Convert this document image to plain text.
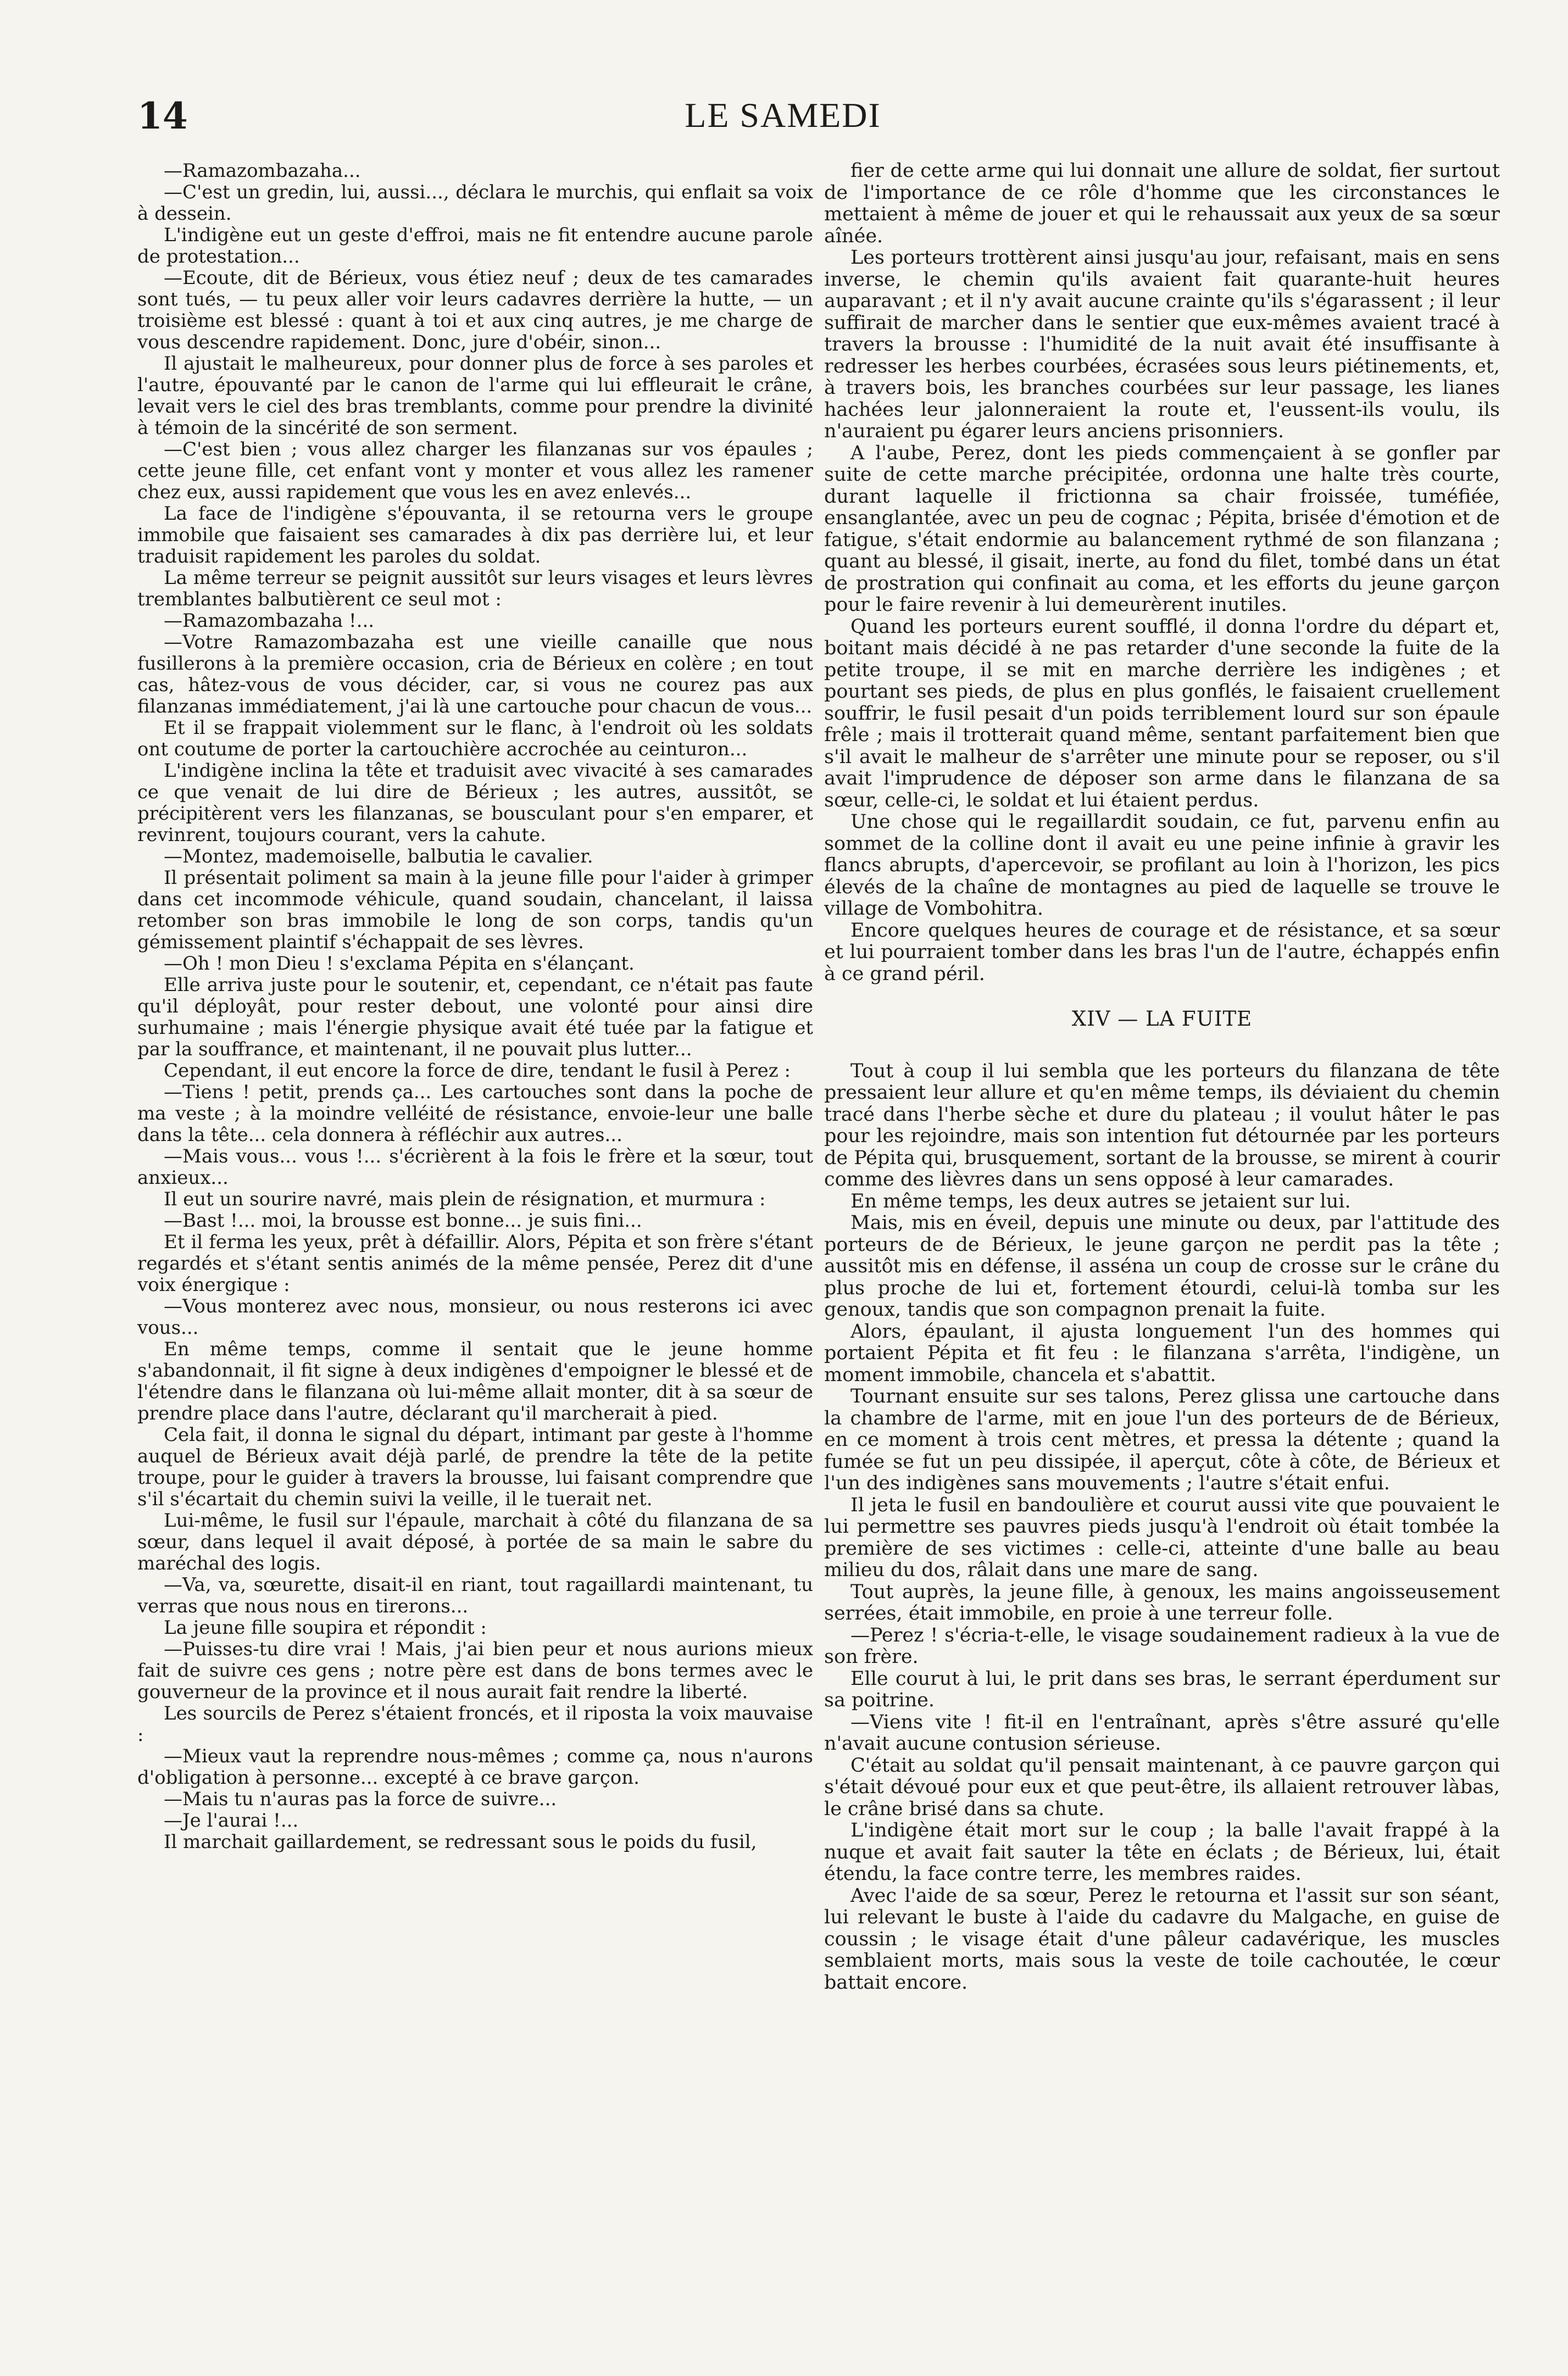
14	LE SAMEDI

—Ramazombazaha...

—C'est un gredin, lui, aussi..., déclara le murchis, qui enflait sa voix à dessein.

L'indigène eut un geste d'effroi, mais ne fit entendre aucune parole de protestation...

—Ecoute, dit de Bérieux, vous étiez neuf ; deux de tes camarades sont tués, — tu peux aller voir leurs cadavres derrière la hutte, — un troisième est blessé : quant à toi et aux cinq autres, je me charge de vous descendre rapidement. Donc, jure d'obéir, sinon...

Il ajustait le malheureux, pour donner plus de force à ses paroles et l'autre, épouvanté par le canon de l'arme qui lui effleurait le crâne, levait vers le ciel des bras tremblants, comme pour prendre la divinité à témoin de la sincérité de son serment.

—C'est bien ; vous allez charger les filanzanas sur vos épaules ; cette jeune fille, cet enfant vont y monter et vous allez les ramener chez eux, aussi rapidement que vous les en avez enlevés...

La face de l'indigène s'épouvanta, il se retourna vers le groupe immobile que faisaient ses camarades à dix pas derrière lui, et leur traduisit rapidement les paroles du soldat.

La même terreur se peignit aussitôt sur leurs visages et leurs lèvres tremblantes balbutièrent ce seul mot :

—Ramazombazaha !...

—Votre Ramazombazaha est une vieille canaille que nous fusillerons à la première occasion, cria de Bérieux en colère ; en tout cas, hâtez-vous de vous décider, car, si vous ne courez pas aux filanzanas immédiatement, j'ai là une cartouche pour chacun de vous...

Et il se frappait violemment sur le flanc, à l'endroit où les soldats ont coutume de porter la cartouchière accrochée au ceinturon...

L'indigène inclina la tête et traduisit avec vivacité à ses camarades ce que venait de lui dire de Bérieux ; les autres, aussitôt, se précipitèrent vers les filanzanas, se bousculant pour s'en emparer, et revinrent, toujours courant, vers la cahute.

—Montez, mademoiselle, balbutia le cavalier.

Il présentait poliment sa main à la jeune fille pour l'aider à grimper dans cet incommode véhicule, quand soudain, chancelant, il laissa retomber son bras immobile le long de son corps, tandis qu'un gémissement plaintif s'échappait de ses lèvres.

—Oh ! mon Dieu ! s'exclama Pépita en s'élançant.

Elle arriva juste pour le soutenir, et, cependant, ce n'était pas faute qu'il déployât, pour rester debout, une volonté pour ainsi dire surhumaine ; mais l'énergie physique avait été tuée par la fatigue et par la souffrance, et maintenant, il ne pouvait plus lutter...

Cependant, il eut encore la force de dire, tendant le fusil à Perez :

—Tiens ! petit, prends ça... Les cartouches sont dans la poche de ma veste ; à la moindre velléité de résistance, envoie-leur une balle dans la tête... cela donnera à réfléchir aux autres...

—Mais vous... vous !... s'écrièrent à la fois le frère et la sœur, tout anxieux...

Il eut un sourire navré, mais plein de résignation, et murmura :

—Bast !... moi, la brousse est bonne... je suis fini...

Et il ferma les yeux, prêt à défaillir. Alors, Pépita et son frère s'étant regardés et s'étant sentis animés de la même pensée, Perez dit d'une voix énergique :

—Vous monterez avec nous, monsieur, ou nous resterons ici avec vous...

En même temps, comme il sentait que le jeune homme s'abandonnait, il fit signe à deux indigènes d'empoigner le blessé et de l'étendre dans le filanzana où lui-même allait monter, dit à sa sœur de prendre place dans l'autre, déclarant qu'il marcherait à pied.

Cela fait, il donna le signal du départ, intimant par geste à l'homme auquel de Bérieux avait déjà parlé, de prendre la tête de la petite troupe, pour le guider à travers la brousse, lui faisant comprendre que s'il s'écartait du chemin suivi la veille, il le tuerait net.

Lui-même, le fusil sur l'épaule, marchait à côté du filanzana de sa sœur, dans lequel il avait déposé, à portée de sa main le sabre du maréchal des logis.

—Va, va, sœurette, disait-il en riant, tout ragaillardi maintenant, tu verras que nous nous en tirerons...

La jeune fille soupira et répondit :

—Puisses-tu dire vrai ! Mais, j'ai bien peur et nous aurions mieux fait de suivre ces gens ; notre père est dans de bons termes avec le gouverneur de la province et il nous aurait fait rendre la liberté.

Les sourcils de Perez s'étaient froncés, et il riposta la voix mauvaise :

—Mieux vaut la reprendre nous-mêmes ; comme ça, nous n'aurons d'obligation à personne... excepté à ce brave garçon.

—Mais tu n'auras pas la force de suivre...

—Je l'aurai !...

Il marchait gaillardement, se redressant sous le poids du fusil,

fier de cette arme qui lui donnait une allure de soldat, fier surtout de l'importance de ce rôle d'homme que les circonstances le mettaient à même de jouer et qui le rehaussait aux yeux de sa sœur aînée.

Les porteurs trottèrent ainsi jusqu'au jour, refaisant, mais en sens inverse, le chemin qu'ils avaient fait quarante-huit heures auparavant ; et il n'y avait aucune crainte qu'ils s'égarassent ; il leur suffirait de marcher dans le sentier que eux-mêmes avaient tracé à travers la brousse : l'humidité de la nuit avait été insuffisante à redresser les herbes courbées, écrasées sous leurs piétinements, et, à travers bois, les branches courbées sur leur passage, les lianes hachées leur jalonneraient la route et, l'eussent-ils voulu, ils n'auraient pu égarer leurs anciens prisonniers.

A l'aube, Perez, dont les pieds commençaient à se gonfler par suite de cette marche précipitée, ordonna une halte très courte, durant laquelle il frictionna sa chair froissée, tuméfiée, ensanglantée, avec un peu de cognac ; Pépita, brisée d'émotion et de fatigue, s'était endormie au balancement rythmé de son filanzana ; quant au blessé, il gisait, inerte, au fond du filet, tombé dans un état de prostration qui confinait au coma, et les efforts du jeune garçon pour le faire revenir à lui demeurèrent inutiles.

Quand les porteurs eurent soufflé, il donna l'ordre du départ et, boitant mais décidé à ne pas retarder d'une seconde la fuite de la petite troupe, il se mit en marche derrière les indigènes ; et pourtant ses pieds, de plus en plus gonflés, le faisaient cruellement souffrir, le fusil pesait d'un poids terriblement lourd sur son épaule frêle ; mais il trotterait quand même, sentant parfaitement bien que s'il avait le malheur de s'arrêter une minute pour se reposer, ou s'il avait l'imprudence de déposer son arme dans le filanzana de sa sœur, celle-ci, le soldat et lui étaient perdus.

Une chose qui le regaillardit soudain, ce fut, parvenu enfin au sommet de la colline dont il avait eu une peine infinie à gravir les flancs abrupts, d'apercevoir, se profilant au loin à l'horizon, les pics élevés de la chaîne de montagnes au pied de laquelle se trouve le village de Vombohitra.

Encore quelques heures de courage et de résistance, et sa sœur et lui pourraient tomber dans les bras l'un de l'autre, échappés enfin à ce grand péril.

XIV — LA FUITE

Tout à coup il lui sembla que les porteurs du filanzana de tête pressaient leur allure et qu'en même temps, ils déviaient du chemin tracé dans l'herbe sèche et dure du plateau ; il voulut hâter le pas pour les rejoindre, mais son intention fut détournée par les porteurs de Pépita qui, brusquement, sortant de la brousse, se mirent à courir comme des lièvres dans un sens opposé à leur camarades.

En même temps, les deux autres se jetaient sur lui.

Mais, mis en éveil, depuis une minute ou deux, par l'attitude des porteurs de de Bérieux, le jeune garçon ne perdit pas la tête ; aussitôt mis en défense, il asséna un coup de crosse sur le crâne du plus proche de lui et, fortement étourdi, celui-là tomba sur les genoux, tandis que son compagnon prenait la fuite.

Alors, épaulant, il ajusta longuement l'un des hommes qui portaient Pépita et fit feu : le filanzana s'arrêta, l'indigène, un moment immobile, chancela et s'abattit.

Tournant ensuite sur ses talons, Perez glissa une cartouche dans la chambre de l'arme, mit en joue l'un des porteurs de de Bérieux, en ce moment à trois cent mètres, et pressa la détente ; quand la fumée se fut un peu dissipée, il aperçut, côte à côte, de Bérieux et l'un des indigènes sans mouvements ; l'autre s'était enfui.

Il jeta le fusil en bandoulière et courut aussi vite que pouvaient le lui permettre ses pauvres pieds jusqu'à l'endroit où était tombée la première de ses victimes : celle-ci, atteinte d'une balle au beau milieu du dos, râlait dans une mare de sang.

Tout auprès, la jeune fille, à genoux, les mains angoisseusement serrées, était immobile, en proie à une terreur folle.

—Perez ! s'écria-t-elle, le visage soudainement radieux à la vue de son frère.

Elle courut à lui, le prit dans ses bras, le serrant éperdument sur sa poitrine.

—Viens vite ! fit-il en l'entraînant, après s'être assuré qu'elle n'avait aucune contusion sérieuse.

C'était au soldat qu'il pensait maintenant, à ce pauvre garçon qui s'était dévoué pour eux et que peut-être, ils allaient retrouver làbas, le crâne brisé dans sa chute.

L'indigène était mort sur le coup ; la balle l'avait frappé à la nuque et avait fait sauter la tête en éclats ; de Bérieux, lui, était étendu, la face contre terre, les membres raides.

Avec l'aide de sa sœur, Perez le retourna et l'assit sur son séant, lui relevant le buste à l'aide du cadavre du Malgache, en guise de coussin ; le visage était d'une pâleur cadavérique, les muscles semblaient morts, mais sous la veste de toile cachoutée, le cœur battait encore.
